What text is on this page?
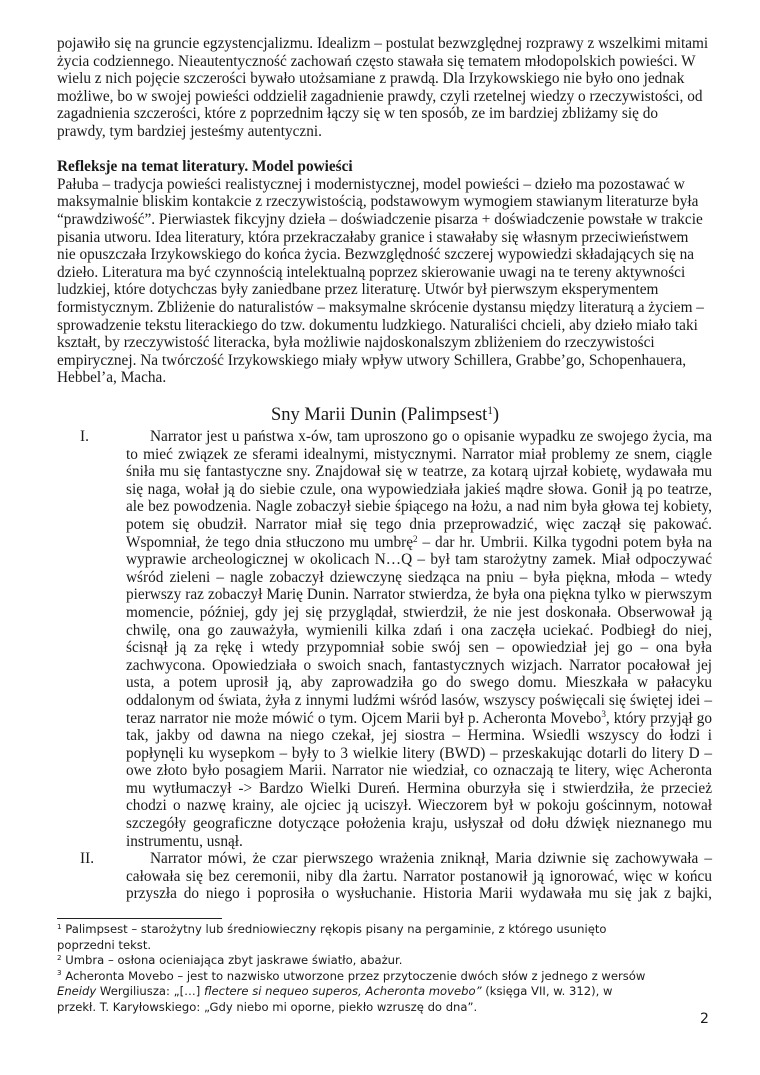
pojawiło się na gruncie egzystencjalizmu. Idealizm – postulat bezwzględnej rozprawy z wszelkimi mitami
życia codziennego. Nieautentyczność zachowań często stawała się tematem młodopolskich powieści. W
wielu z nich pojęcie szczerości bywało utożsamiane z prawdą. Dla Irzykowskiego nie było ono jednak
możliwe, bo w swojej powieści oddzielił zagadnienie prawdy, czyli rzetelnej wiedzy o rzeczywistości, od
zagadnienia szczerości, które z poprzednim łączy się w ten sposób, ze im bardziej zbliżamy się do
prawdy, tym bardziej jesteśmy autentyczni.
Refleksje na temat literatury. Model powieści
Pałuba – tradycja powieści realistycznej i modernistycznej, model powieści – dzieło ma pozostawać w
maksymalnie bliskim kontakcie z rzeczywistością, podstawowym wymogiem stawianym literaturze była
“prawdziwość”. Pierwiastek fikcyjny dzieła – doświadczenie pisarza + doświadczenie powstałe w trakcie
pisania utworu. Idea literatury, która przekraczałaby granice i stawałaby się własnym przeciwieństwem
nie opuszczała Irzykowskiego do końca życia. Bezwzględność szczerej wypowiedzi składających się na
dzieło. Literatura ma być czynnością intelektualną poprzez skierowanie uwagi na te tereny aktywności
ludzkiej, które dotychczas były zaniedbane przez literaturę. Utwór był pierwszym eksperymentem
formistycznym. Zbliżenie do naturalistów – maksymalne skrócenie dystansu między literaturą a życiem –
sprowadzenie tekstu literackiego do tzw. dokumentu ludzkiego. Naturaliści chcieli, aby dzieło miało taki
kształt, by rzeczywistość literacka, była możliwie najdoskonalszym zbliżeniem do rzeczywistości
empirycznej. Na twórczość Irzykowskiego miały wpływ utwory Schillera, Grabbe’go, Schopenhauera,
Hebbel’a, Macha.
Sny Marii Dunin (Palimpsest$^1$)
I.	Narrator jest u państwa x-ów, tam uproszono go o opisanie wypadku ze swojego życia, ma
to mieć związek ze sferami idealnymi, mistycznymi. Narrator miał problemy ze snem, ciągle
śniła mu się fantastyczne sny. Znajdował się w teatrze, za kotarą ujrzał kobietę, wydawała mu
się naga, wołał ją do siebie czule, ona wypowiedziała jakieś mądre słowa. Gonił ją po teatrze,
ale bez powodzenia. Nagle zobaczył siebie śpiącego na łożu, a nad nim była głowa tej kobiety,
potem się obudził. Narrator miał się tego dnia przeprowadzić, więc zaczął się pakować.
Wspomniał, że tego dnia stłuczono mu umbrę$^2$ – dar hr. Umbrii. Kilka tygodni potem była na
wyprawie archeologicznej w okolicach N…Q – był tam starożytny zamek. Miał odpoczywać
wśród zieleni – nagle zobaczył dziewczynę siedząca na pniu – była piękna, młoda – wtedy
pierwszy raz zobaczył Marię Dunin. Narrator stwierdza, że była ona piękna tylko w pierwszym
momencie, później, gdy jej się przyglądał, stwierdził, że nie jest doskonała. Obserwował ją
chwilę, ona go zauważyła, wymienili kilka zdań i ona zaczęła uciekać. Podbiegł do niej,
ścisnął ją za rękę i wtedy przypomniał sobie swój sen – opowiedział jej go – ona była
zachwycona. Opowiedziała o swoich snach, fantastycznych wizjach. Narrator pocałował jej
usta, a potem uprosił ją, aby zaprowadziła go do swego domu. Mieszkała w pałacyku
oddalonym od świata, żyła z innymi ludźmi wśród lasów, wszyscy poświęcali się świętej idei –
teraz narrator nie może mówić o tym. Ojcem Marii był p. Acheronta Movebo$^3$, który przyjął go
tak, jakby od dawna na niego czekał, jej siostra – Hermina. Wsiedli wszyscy do łodzi i
popłynęli ku wysepkom – były to 3 wielkie litery (BWD) – przeskakując dotarli do litery D –
owe złoto było posagiem Marii. Narrator nie wiedział, co oznaczają te litery, więc Acheronta
mu wytłumaczył -> Bardzo Wielki Dureń. Hermina oburzyła się i stwierdziła, że przecież
chodzi o nazwę krainy, ale ojciec ją uciszył. Wieczorem był w pokoju gościnnym, notował
szczegóły geograficzne dotyczące położenia kraju, usłyszał od dołu dźwięk nieznanego mu
instrumentu, usnął.
II.	Narrator mówi, że czar pierwszego wrażenia zniknął, Maria dziwnie się zachowywała –
całowała się bez ceremonii, niby dla żartu. Narrator postanowił ją ignorować, więc w końcu
przyszła do niego i poprosiła o wysłuchanie. Historia Marii wydawała mu się jak z bajki,
$^1$ Palimpsest – starożytny lub średniowieczny rękopis pisany na pergaminie, z którego usunięto
poprzedni tekst.
$^2$ Umbra – osłona ocieniająca zbyt jaskrawe światło, abażur.
$^3$ Acheronta Movebo – jest to nazwisko utworzone przez przytoczenie dwóch słów z jednego z wersów
Eneidy Wergiliusza: „[…] flectere si nequeo superos, Acheronta movebo” (księga VII, w. 312), w
przekł. T. Karyłowskiego: „Gdy niebo mi oporne, piekło wzruszę do dna”.
2
